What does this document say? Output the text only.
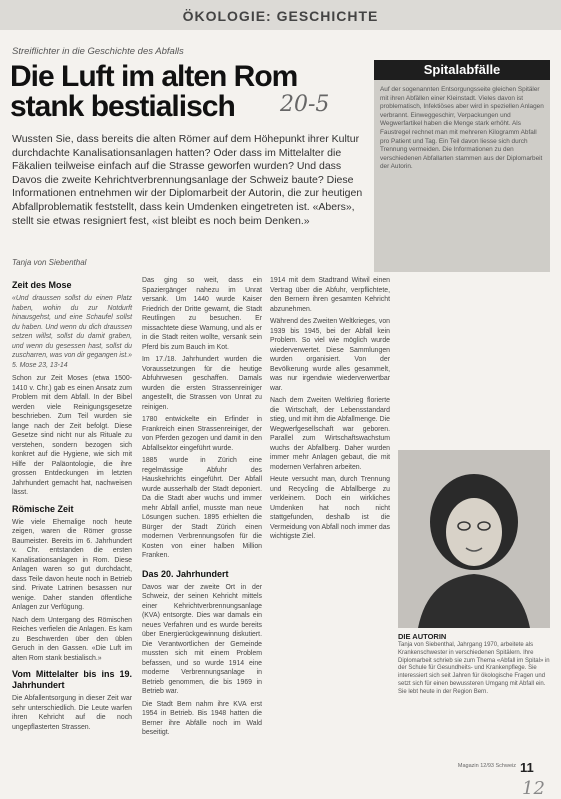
ÖKOLOGIE: GESCHICHTE
Streiflichter in die Geschichte des Abfalls
Die Luft im alten Rom stank bestialisch	20-5
Wussten Sie, dass bereits die alten Römer auf dem Höhepunkt ihrer Kultur durchdachte Kanalisationsanlagen hatten? Oder dass im Mittelalter die Fäkalien teilweise einfach auf die Strasse geworfen wurden? Und dass Davos die zweite Kehrichtverbrennungsanlage der Schweiz baute? Diese Informationen entnehmen wir der Diplomarbeit der Autorin, die zur heutigen Abfallproblematik feststellt, dass kein Umdenken eingetreten ist. «Abers», stellt sie etwas resigniert fest, «ist bleibt es noch beim Denken.»
Spitalabfälle
Auf der sogenannten Entsorgungsseite gleichen Spitäler mit ihren Abfällen einer Kleinstadt. Vieles davon ist problematisch, Infektiöses aber wird in speziellen Anlagen verbrannt. Einweggeschirr, Verpackungen und Wegwerfartikel haben die Menge stark erhöht. Als Faustregel rechnet man mit mehreren Kilogramm Abfall pro Patient und Tag. Ein Teil davon liesse sich durch Trennung vermeiden. Die Informationen zu den verschiedenen Abfallarten stammen aus der Diplomarbeit der Autorin.
Tanja von Siebenthal
Zeit des Mose
«Und draussen sollst du einen Platz haben, wohin du zur Notdurft hinausgehst, und eine Schaufel sollst du haben. Und wenn du dich draussen setzen willst, sollst du damit graben, und wenn du gesessen hast, sollst du zuscharren, was von dir gegangen ist.» 5. Mose 23, 13-14
Schon zur Zeit Moses (etwa 1500-1410 v. Chr.) gab es einen Ansatz zum Problem mit dem Abfall. In der Bibel werden viele Reinigungsgesetze beschrieben. Zum Teil wurden sie lange nach der Zeit befolgt. Diese Gesetze sind nicht nur als Rituale zu verstehen, sondern bezogen sich konkret auf die Hygiene, wie sich mit Hilfe der Paläontologie, die ihre grossen Entdeckungen im letzten Jahrhundert gemacht hat, nachweisen lässt.
Römische Zeit
Wie viele Ehemalige noch heute zeigen, waren die Römer grosse Baumeister. Bereits im 6. Jahrhundert v. Chr. entstanden die ersten Kanalisationsanlagen in Rom. Diese Anlagen waren so gut durchdacht, dass Teile davon heute noch in Betrieb sind. Private Latrinen besassen nur wenige. Daher standen öffentliche Anlagen zur Verfügung.
Nach dem Untergang des Römischen Reiches verfielen die Anlagen. Es kam zu Beschwerden über den üblen Geruch in den Gassen. «Die Luft im alten Rom stank bestialisch.»
Vom Mittelalter bis ins 19. Jahrhundert
Die Abfallentsorgung in dieser Zeit war sehr unterschiedlich. Die Leute warfen ihren Kehricht auf die noch ungepflasterten Strassen.
Das ging so weit, dass ein Spaziergänger nahezu im Unrat versank. Um 1440 wurde Kaiser Friedrich der Dritte gewarnt, die Stadt Reutlingen zu besuchen. Er missachtete diese Warnung, und als er in die Stadt reiten wollte, versank sein Pferd bis zum Bauch im Kot.
Im 17./18. Jahrhundert wurden die Voraussetzungen für die heutige Abfuhrwesen geschaffen. Damals wurden die ersten Strassenreiniger angestellt, die Strassen von Unrat zu reinigen.
1780 entwickelte ein Erfinder in Frankreich einen Strassenreiniger, der von Pferden gezogen und damit in den Abfallsektor eingeführt wurde.
1885 wurde in Zürich eine regelmässige Abfuhr des Hauskehrichts eingeführt. Der Abfall wurde ausserhalb der Stadt deponiert. Da die Stadt aber wuchs und immer mehr Abfall anfiel, musste man neue Lösungen suchen. 1895 erhielten die Bürger der Stadt Zürich einen modernen Verbrennungsofen für die Kosten von einer halben Million Franken.
Das 20. Jahrhundert
Davos war der zweite Ort in der Schweiz, der seinen Kehricht mittels einer Kehrichtverbrennungsanlage (KVA) entsorgte. Dies war damals ein neues Verfahren und es wurde bereits über Energierückgewinnung diskutiert. Die Verantwortlichen der Gemeinde mussten sich mit einem Problem befassen, und so wurde 1914 eine moderne Verbrennungsanlage in Betrieb genommen, die bis 1969 in Betrieb war.
Die Stadt Bern nahm ihre KVA erst 1954 in Betrieb. Bis 1948 hatten die Berner ihre Abfälle noch im Wald beseitigt.
1914 mit dem Stadtrand Witwil einen Vertrag über die Abfuhr, verpflichtete, den Bernern ihren gesamten Kehricht abzunehmen.
Während des Zweiten Weltkrieges, von 1939 bis 1945, bei der Abfall kein Problem. So viel wie möglich wurde wiederverwertet. Diese Sammlungen wurden organisiert. Von der Bevölkerung wurde alles gesammelt, was nur irgendwie wiederverwertbar war.
Nach dem Zweiten Weltkrieg florierte die Wirtschaft, der Lebensstandard stieg, und mit ihm die Abfallmenge. Die Wegwerfgesellschaft war geboren. Parallel zum Wirtschaftswachstum wuchs der Abfallberg. Daher wurden immer mehr Anlagen gebaut, die mit modernen Verfahren arbeiten.
Heute versucht man, durch Trennung und Recycling die Abfallberge zu verkleinern. Doch ein wirkliches Umdenken hat noch nicht stattgefunden, deshalb ist die Vermeidung von Abfall noch immer das wichtigste Ziel.
DIE AUTORIN
Tanja von Siebenthal, Jahrgang 1970, arbeitete als Krankenschwester in verschiedenen Spitälern. Ihre Diplomarbeit schrieb sie zum Thema «Abfall im Spital» in der Schule für Gesundheits- und Krankenpflege. Sie interessiert sich seit Jahren für ökologische Fragen und setzt sich für einen bewussteren Umgang mit Abfall ein. Sie lebt heute in der Region Bern.
Magazin 12/93 Schweiz 11
12
